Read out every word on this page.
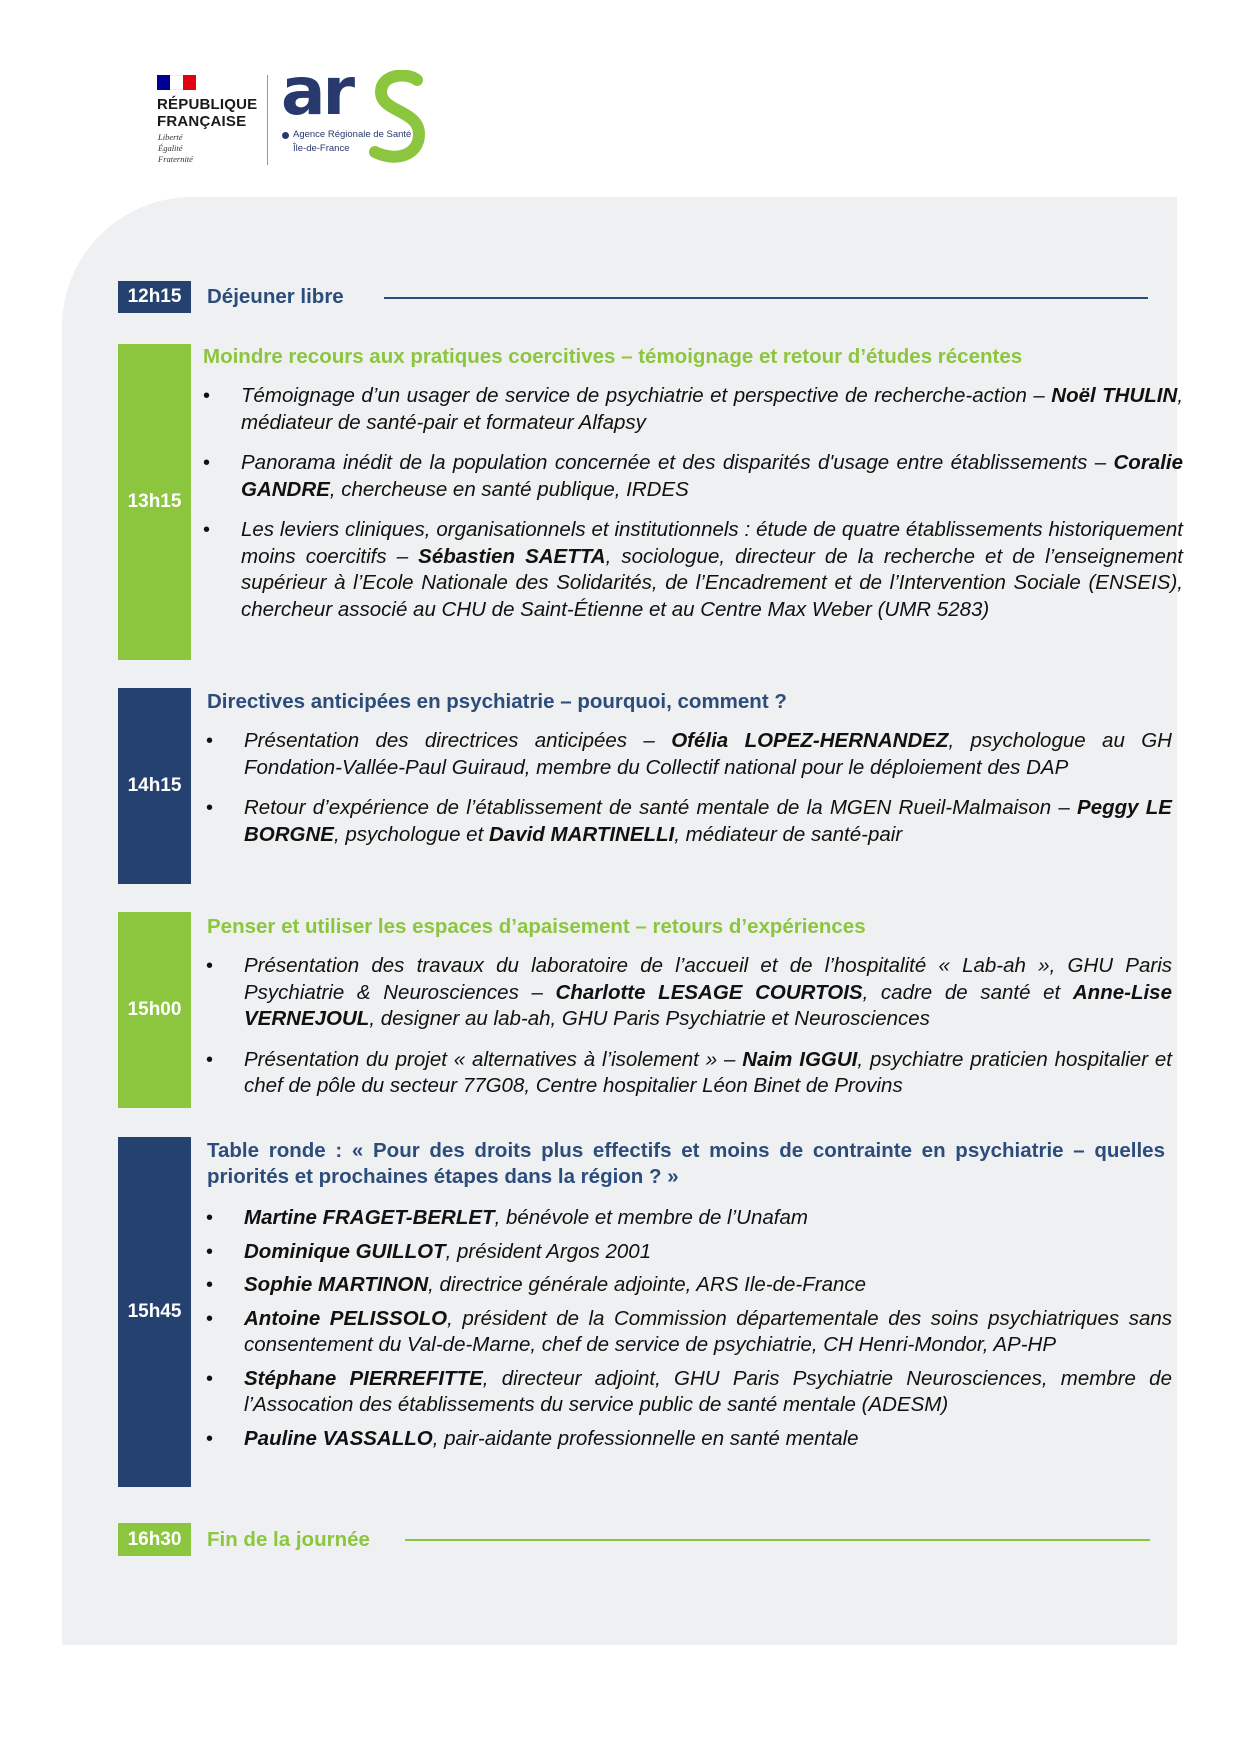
RÉPUBLIQUE FRANÇAISE
Liberté Égalité Fraternité
ar
Agence Régionale de Santé
Île-de-France
12h15	Déjeuner libre
13h15
Moindre recours aux pratiques coercitives – témoignage et retour d’études récentes
• Témoignage d’un usager de service de psychiatrie et perspective de recherche-action – Noël THULIN, médiateur de santé-pair et formateur Alfapsy
• Panorama inédit de la population concernée et des disparités d'usage entre établissements – Coralie GANDRE, chercheuse en santé publique, IRDES
• Les leviers cliniques, organisationnels et institutionnels : étude de quatre établissements historiquement moins coercitifs – Sébastien SAETTA, sociologue, directeur de la recherche et de l’enseignement supérieur à l’Ecole Nationale des Solidarités, de l’Encadrement et de l’Intervention Sociale (ENSEIS), chercheur associé au CHU de Saint-Étienne et au Centre Max Weber (UMR 5283)
14h15
Directives anticipées en psychiatrie – pourquoi, comment ?
• Présentation des directrices anticipées – Ofélia LOPEZ-HERNANDEZ, psychologue au GH Fondation-Vallée-Paul Guiraud, membre du Collectif national pour le déploiement des DAP
• Retour d’expérience de l’établissement de santé mentale de la MGEN Rueil-Malmaison – Peggy LE BORGNE, psychologue et David MARTINELLI, médiateur de santé-pair
15h00
Penser et utiliser les espaces d’apaisement – retours d’expériences
• Présentation des travaux du laboratoire de l’accueil et de l’hospitalité « Lab-ah », GHU Paris Psychiatrie & Neurosciences – Charlotte LESAGE COURTOIS, cadre de santé et Anne-Lise VERNEJOUL, designer au lab-ah, GHU Paris Psychiatrie et Neurosciences
• Présentation du projet « alternatives à l’isolement » – Naim IGGUI, psychiatre praticien hospitalier et chef de pôle du secteur 77G08, Centre hospitalier Léon Binet de Provins
15h45
Table ronde : « Pour des droits plus effectifs et moins de contrainte en psychiatrie – quelles priorités et prochaines étapes dans la région ? »
• Martine FRAGET-BERLET, bénévole et membre de l’Unafam
• Dominique GUILLOT, président Argos 2001
• Sophie MARTINON, directrice générale adjointe, ARS Ile-de-France
• Antoine PELISSOLO, président de la Commission départementale des soins psychiatriques sans consentement du Val-de-Marne, chef de service de psychiatrie, CH Henri-Mondor, AP-HP
• Stéphane PIERREFITTE, directeur adjoint, GHU Paris Psychiatrie Neurosciences, membre de l’Assocation des établissements du service public de santé mentale (ADESM)
• Pauline VASSALLO, pair-aidante professionnelle en santé mentale
16h30	Fin de la journée
